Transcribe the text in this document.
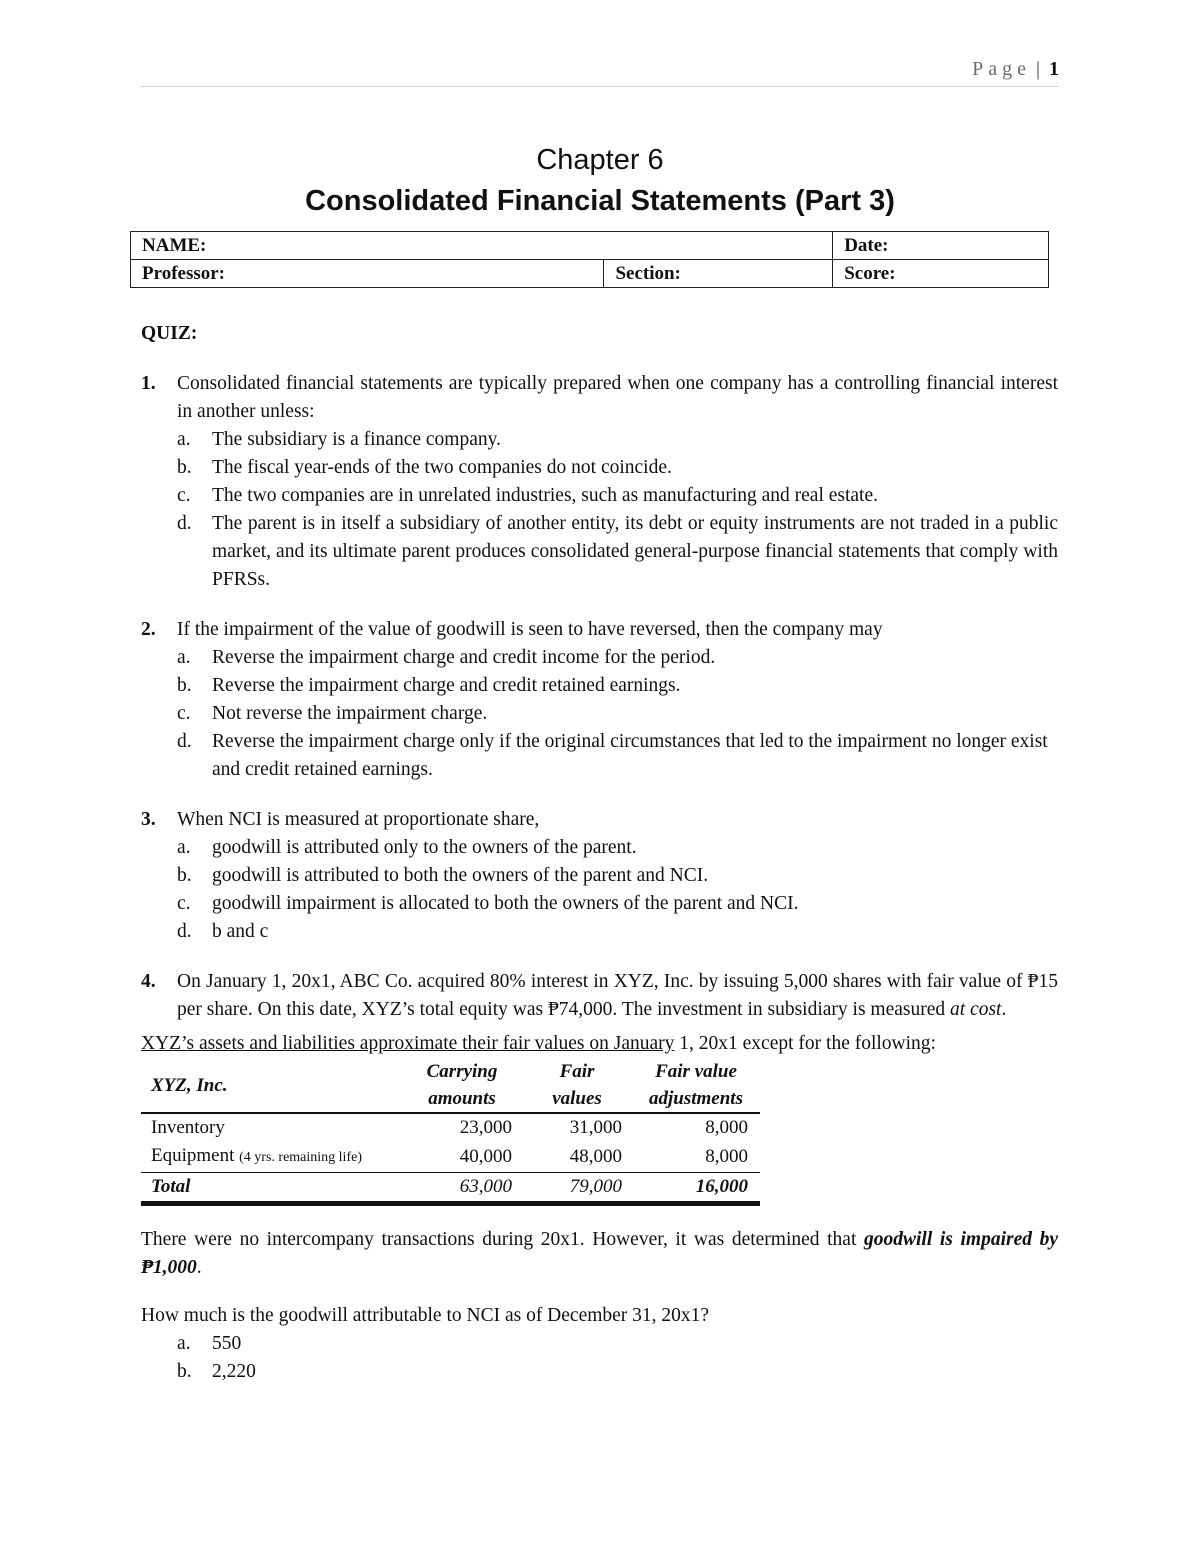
Page | 1
Chapter 6
Consolidated Financial Statements (Part 3)
NAME:		Date:
Professor:	Section:	Score:
QUIZ:
1.	Consolidated financial statements are typically prepared when one company has a controlling financial interest in another unless:
a.	The subsidiary is a finance company.
b.	The fiscal year-ends of the two companies do not coincide.
c.	The two companies are in unrelated industries, such as manufacturing and real estate.
d.	The parent is in itself a subsidiary of another entity, its debt or equity instruments are not traded in a public market, and its ultimate parent produces consolidated general-purpose financial statements that comply with PFRSs.
2.	If the impairment of the value of goodwill is seen to have reversed, then the company may
a.	Reverse the impairment charge and credit income for the period.
b.	Reverse the impairment charge and credit retained earnings.
c.	Not reverse the impairment charge.
d.	Reverse the impairment charge only if the original circumstances that led to the impairment no longer exist and credit retained earnings.
3.	When NCI is measured at proportionate share,
a.	goodwill is attributed only to the owners of the parent.
b.	goodwill is attributed to both the owners of the parent and NCI.
c.	goodwill impairment is allocated to both the owners of the parent and NCI.
d.	b and c
4.	On January 1, 20x1, ABC Co. acquired 80% interest in XYZ, Inc. by issuing 5,000 shares with fair value of ₱15 per share. On this date, XYZ’s total equity was ₱74,000. The investment in subsidiary is measured at cost.
XYZ’s assets and liabilities approximate their fair values on January 1, 20x1 except for the following:
XYZ, Inc.	Carrying	Fair	Fair value
	amounts	values	adjustments
Inventory	23,000	31,000	8,000
Equipment (4 yrs. remaining life)	40,000	48,000	8,000
Total	63,000	79,000	16,000
There were no intercompany transactions during 20x1. However, it was determined that goodwill is impaired by ₱1,000.
How much is the goodwill attributable to NCI as of December 31, 20x1?
a.	550
b.	2,220
